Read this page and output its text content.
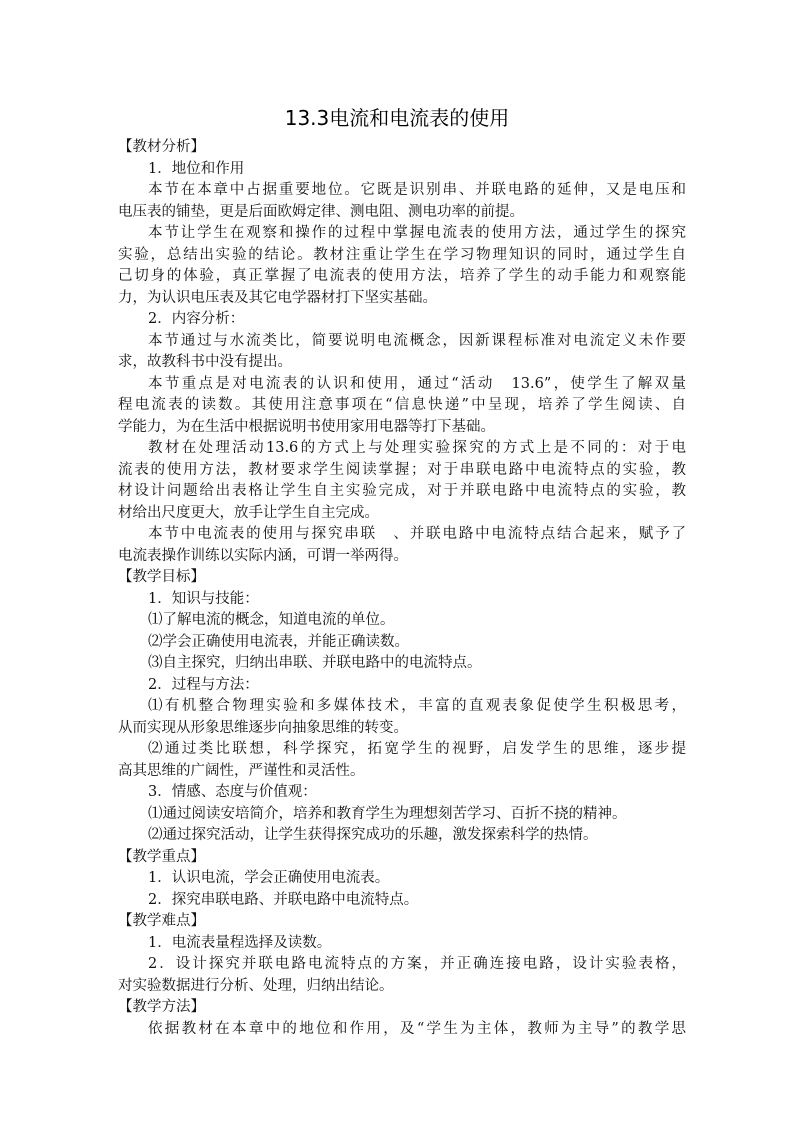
13.3电流和电流表的使用
【教材分析】
1．地位和作用
本节在本章中占据重要地位。它既是识别串、并联电路的延伸，又是电压和
电压表的铺垫，更是后面欧姆定律、测电阻、测电功率的前提。
本节让学生在观察和操作的过程中掌握电流表的使用方法，通过学生的探究
实验，总结出实验的结论。教材注重让学生在学习物理知识的同时，通过学生自
己切身的体验，真正掌握了电流表的使用方法，培养了学生的动手能力和观察能
力，为认识电压表及其它电学器材打下坚实基础。
2．内容分析：
本节通过与水流类比，简要说明电流概念，因新课程标准对电流定义未作要
求，故教科书中没有提出。
本节重点是对电流表的认识和使用，通过“活动　13.6”，使学生了解双量
程电流表的读数。其使用注意事项在“信息快递”中呈现，培养了学生阅读、自
学能力，为在生活中根据说明书使用家用电器等打下基础。
教材在处理活动13.6的方式上与处理实验探究的方式上是不同的：对于电
流表的使用方法，教材要求学生阅读掌握；对于串联电路中电流特点的实验，教
材设计问题给出表格让学生自主实验完成，对于并联电路中电流特点的实验，教
材给出尺度更大，放手让学生自主完成。
本节中电流表的使用与探究串联　、并联电路中电流特点结合起来，赋予了
电流表操作训练以实际内涵，可谓一举两得。
【教学目标】
1．知识与技能：
⑴了解电流的概念，知道电流的单位。
⑵学会正确使用电流表，并能正确读数。
⑶自主探究，归纳出串联、并联电路中的电流特点。
2．过程与方法：
⑴有机整合物理实验和多媒体技术，丰富的直观表象促使学生积极思考，
从而实现从形象思维逐步向抽象思维的转变。
⑵通过类比联想，科学探究，拓宽学生的视野，启发学生的思维，逐步提
高其思维的广阔性，严谨性和灵活性。
3．情感、态度与价值观：
⑴通过阅读安培简介，培养和教育学生为理想刻苦学习、百折不挠的精神。
⑵通过探究活动，让学生获得探究成功的乐趣，激发探索科学的热情。
【教学重点】
1．认识电流，学会正确使用电流表。
2．探究串联电路、并联电路中电流特点。
【教学难点】
1．电流表量程选择及读数。
2．设计探究并联电路电流特点的方案，并正确连接电路，设计实验表格，
对实验数据进行分析、处理，归纳出结论。
【教学方法】
依据教材在本章中的地位和作用，及“学生为主体，教师为主导”的教学思
